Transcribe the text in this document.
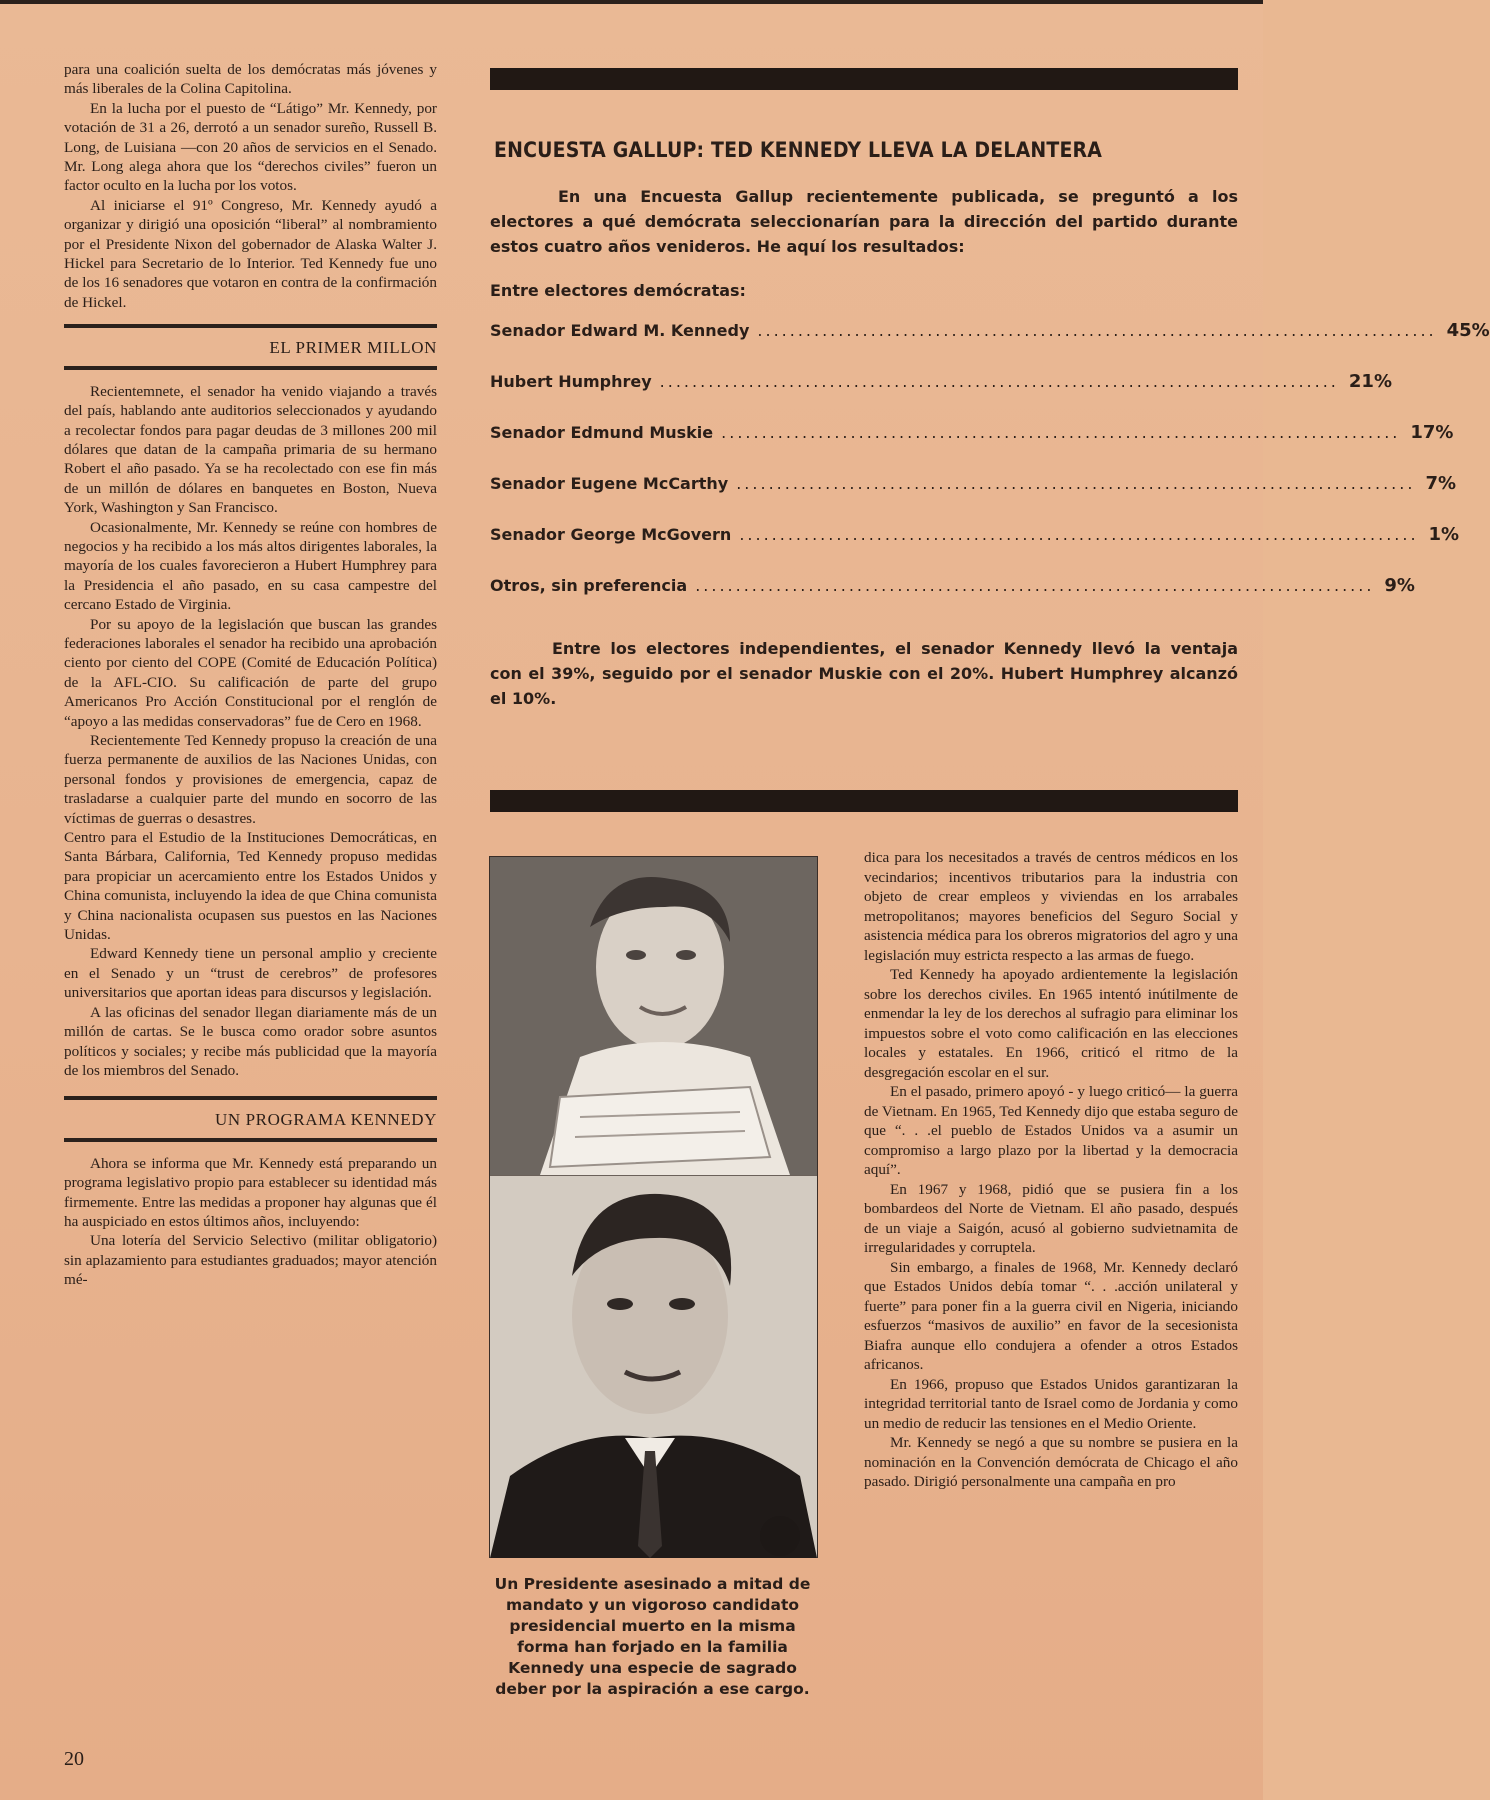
para una coalición suelta de los demócratas más jóvenes y más liberales de la Colina Capitolina.

En la lucha por el puesto de “Látigo” Mr. Kennedy, por votación de 31 a 26, derrotó a un senador sureño, Russell B. Long, de Luisiana —con 20 años de servicios en el Senado. Mr. Long alega ahora que los “derechos civiles” fueron un factor oculto en la lucha por los votos.

Al iniciarse el 91º Congreso, Mr. Kennedy ayudó a organizar y dirigió una oposición “liberal” al nombramiento por el Presidente Nixon del gobernador de Alaska Walter J. Hickel para Secretario de lo Interior. Ted Kennedy fue uno de los 16 senadores que votaron en contra de la confirmación de Hickel.

EL PRIMER MILLON

Recientemnete, el senador ha venido viajando a través del país, hablando ante auditorios seleccionados y ayudando a recolectar fondos para pagar deudas de 3 millones 200 mil dólares que datan de la campaña primaria de su hermano Robert el año pasado. Ya se ha recolectado con ese fin más de un millón de dólares en banquetes en Boston, Nueva York, Washington y San Francisco.

Ocasionalmente, Mr. Kennedy se reúne con hombres de negocios y ha recibido a los más altos dirigentes laborales, la mayoría de los cuales favorecieron a Hubert Humphrey para la Presidencia el año pasado, en su casa campestre del cercano Estado de Virginia.

Por su apoyo de la legislación que buscan las grandes federaciones laborales el senador ha recibido una aprobación ciento por ciento del COPE (Comité de Educación Política) de la AFL-CIO. Su calificación de parte del grupo Americanos Pro Acción Constitucional por el renglón de “apoyo a las medidas conservadoras” fue de Cero en 1968.

Recientemente Ted Kennedy propuso la creación de una fuerza permanente de auxilios de las Naciones Unidas, con personal fondos y provisiones de emergencia, capaz de trasladarse a cualquier parte del mundo en socorro de las víctimas de guerras o desastres.

Centro para el Estudio de la Instituciones Democráticas, en Santa Bárbara, California, Ted Kennedy propuso medidas para propiciar un acercamiento entre los Estados Unidos y China comunista, incluyendo la idea de que China comunista y China nacionalista ocupasen sus puestos en las Naciones Unidas.

Edward Kennedy tiene un personal amplio y creciente en el Senado y un “trust de cerebros” de profesores universitarios que aportan ideas para discursos y legislación.

A las oficinas del senador llegan diariamente más de un millón de cartas. Se le busca como orador sobre asuntos políticos y sociales; y recibe más publicidad que la mayoría de los miembros del Senado.

UN PROGRAMA KENNEDY

Ahora se informa que Mr. Kennedy está preparando un programa legislativo propio para establecer su identidad más firmemente. Entre las medidas a proponer hay algunas que él ha auspiciado en estos últimos años, incluyendo:

Una lotería del Servicio Selectivo (militar obligatorio) sin aplazamiento para estudiantes graduados; mayor atención mé-

ENCUESTA GALLUP: TED KENNEDY LLEVA LA DELANTERA

En una Encuesta Gallup recientemente publicada, se preguntó a los electores a qué demócrata seleccionarían para la dirección del partido durante estos cuatro años venideros. He aquí los resultados:

Entre electores demócratas:

Senador Edward M. Kennedy .................................................................................... 45%
Hubert Humphrey .................................................................................... 21%
Senador Edmund Muskie .................................................................................... 17%
Senador Eugene McCarthy .................................................................................... 7%
Senador George McGovern .................................................................................... 1%
Otros, sin preferencia .................................................................................... 9%

Entre los electores independientes, el senador Kennedy llevó la ventaja con el 39%, seguido por el senador Muskie con el 20%. Hubert Humphrey alcanzó el 10%.

Un Presidente asesinado a mitad de mandato y un vigoroso candidato presidencial muerto en la misma forma han forjado en la familia Kennedy una especie de sagrado deber por la aspiración a ese cargo.

dica para los necesitados a través de centros médicos en los vecindarios; incentivos tributarios para la industria con objeto de crear empleos y viviendas en los arrabales metropolitanos; mayores beneficios del Seguro Social y asistencia médica para los obreros migratorios del agro y una legislación muy estricta respecto a las armas de fuego.

Ted Kennedy ha apoyado ardientemente la legislación sobre los derechos civiles. En 1965 intentó inútilmente de enmendar la ley de los derechos al sufragio para eliminar los impuestos sobre el voto como calificación en las elecciones locales y estatales. En 1966, criticó el ritmo de la desgregación escolar en el sur.

En el pasado, primero apoyó - y luego criticó— la guerra de Vietnam. En 1965, Ted Kennedy dijo que estaba seguro de que “. . .el pueblo de Estados Unidos va a asumir un compromiso a largo plazo por la libertad y la democracia aquí”.

En 1967 y 1968, pidió que se pusiera fin a los bombardeos del Norte de Vietnam. El año pasado, después de un viaje a Saigón, acusó al gobierno sudvietnamita de irregularidades y corruptela.

Sin embargo, a finales de 1968, Mr. Kennedy declaró que Estados Unidos debía tomar “. . .acción unilateral y fuerte” para poner fin a la guerra civil en Nigeria, iniciando esfuerzos “masivos de auxilio” en favor de la secesionista Biafra aunque ello condujera a ofender a otros Estados africanos.

En 1966, propuso que Estados Unidos garantizaran la integridad territorial tanto de Israel como de Jordania y como un medio de reducir las tensiones en el Medio Oriente.

Mr. Kennedy se negó a que su nombre se pusiera en la nominación en la Convención demócrata de Chicago el año pasado. Dirigió personalmente una campaña en pro

20
